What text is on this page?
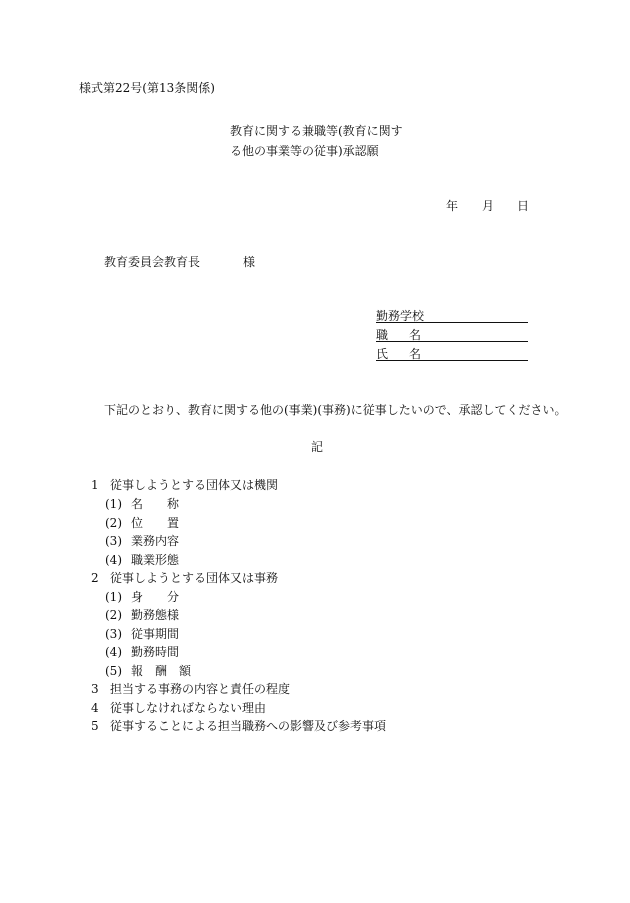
様式第22号(第13条関係)
教育に関する兼職等(教育に関す
る他の事業等の従事)承認願
年 月 日
教育委員会教育長	様
勤務学校
職 名
氏 名
下記のとおり、教育に関する他の(事業)(事務)に従事したいので、承認してください。
記
1 従事しようとする団体又は機関
(1) 名 称
(2) 位 置
(3) 業務内容
(4) 職業形態
2 従事しようとする団体又は事務
(1) 身 分
(2) 勤務態様
(3) 従事期間
(4) 勤務時間
(5) 報 酬 額
3 担当する事務の内容と責任の程度
4 従事しなければならない理由
5 従事することによる担当職務への影響及び参考事項
